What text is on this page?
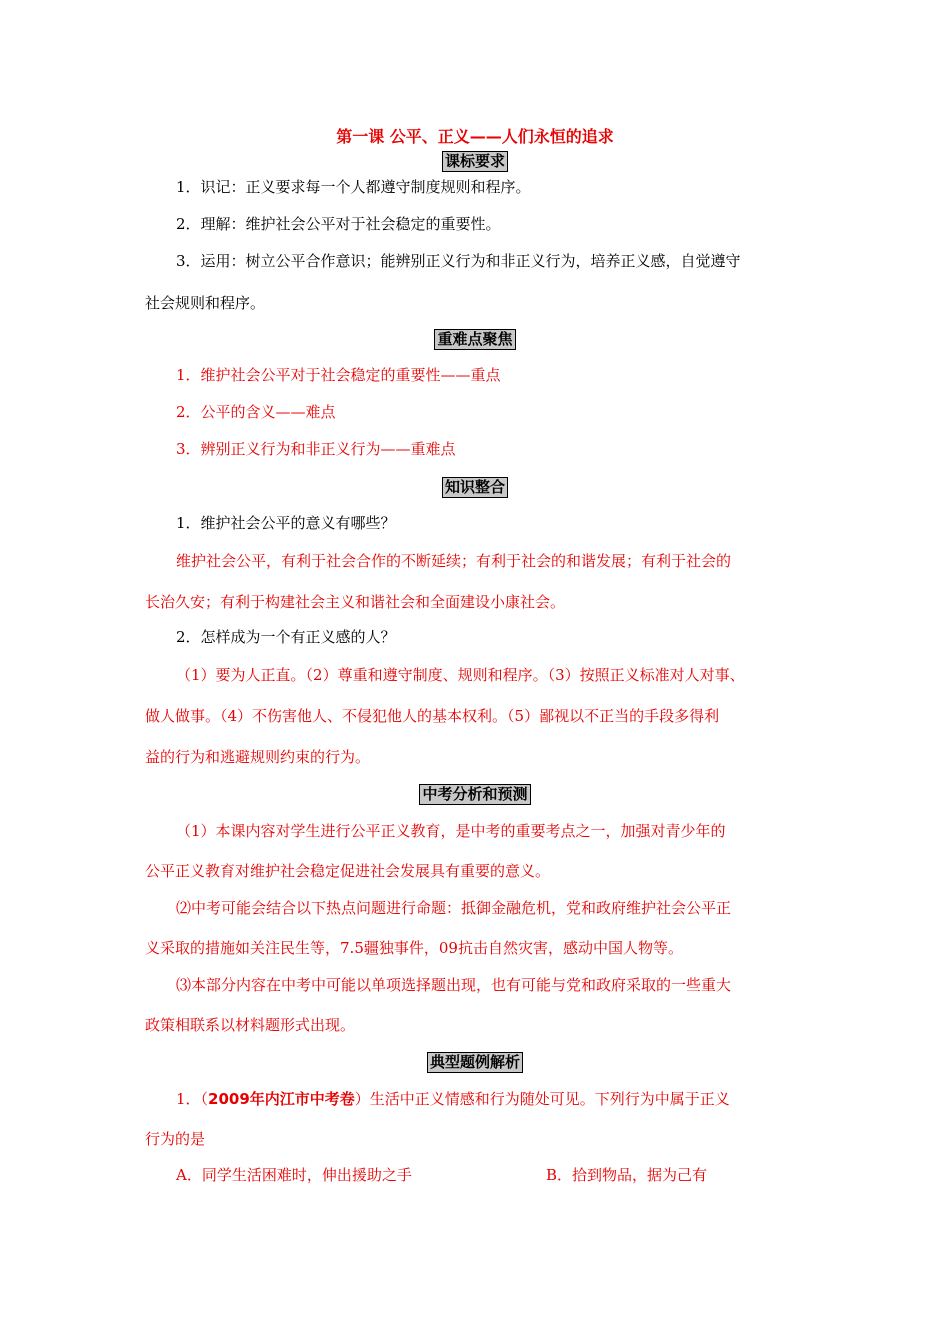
第一课 公平、正义——人们永恒的追求
课标要求
1．识记：正义要求每一个人都遵守制度规则和程序。
2．理解：维护社会公平对于社会稳定的重要性。
3．运用：树立公平合作意识；能辨别正义行为和非正义行为，培养正义感，自觉遵守
社会规则和程序。
重难点聚焦
1．维护社会公平对于社会稳定的重要性——重点
2．公平的含义——难点
3．辨别正义行为和非正义行为——重难点
知识整合
1．维护社会公平的意义有哪些？
维护社会公平，有利于社会合作的不断延续；有利于社会的和谐发展；有利于社会的
长治久安；有利于构建社会主义和谐社会和全面建设小康社会。
2．怎样成为一个有正义感的人？
（1）要为人正直。（2）尊重和遵守制度、规则和程序。（3）按照正义标准对人对事、
做人做事。（4）不伤害他人、不侵犯他人的基本权利。（5）鄙视以不正当的手段多得利
益的行为和逃避规则约束的行为。
中考分析和预测
（1）本课内容对学生进行公平正义教育，是中考的重要考点之一，加强对青少年的
公平正义教育对维护社会稳定促进社会发展具有重要的意义。
⑵中考可能会结合以下热点问题进行命题：抵御金融危机，党和政府维护社会公平正
义采取的措施如关注民生等，7.5疆独事件，09抗击自然灾害，感动中国人物等。
⑶本部分内容在中考中可能以单项选择题出现，也有可能与党和政府采取的一些重大
政策相联系以材料题形式出现。
典型题例解析
1．（2009年内江市中考卷）生活中正义情感和行为随处可见。下列行为中属于正义
行为的是
A．同学生活困难时，伸出援助之手	B．拾到物品，据为己有
